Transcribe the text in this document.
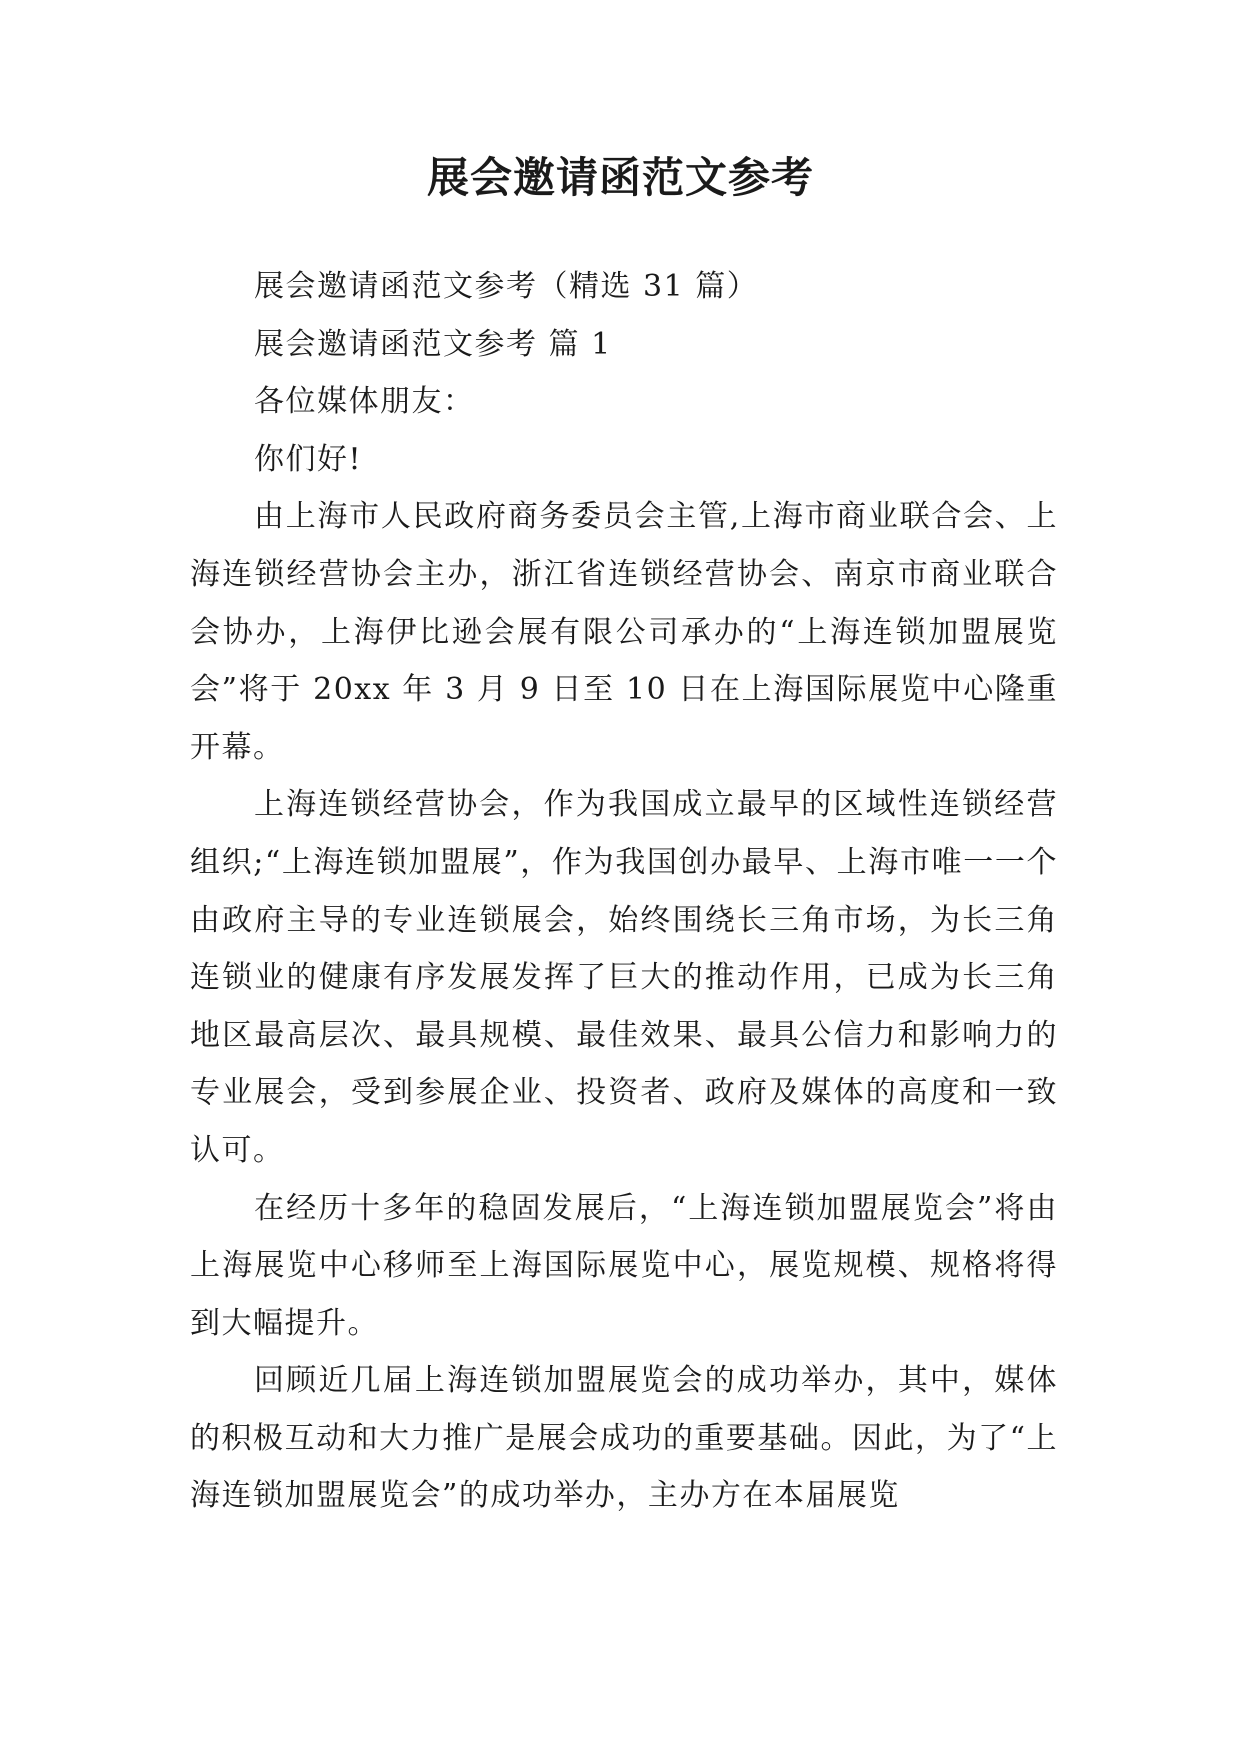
展会邀请函范文参考

展会邀请函范文参考（精选 31 篇）

展会邀请函范文参考 篇 1

各位媒体朋友：

你们好!

由上海市人民政府商务委员会主管,上海市商业联合会、上海连锁经营协会主办，浙江省连锁经营协会、南京市商业联合会协办，上海伊比逊会展有限公司承办的“上海连锁加盟展览会”将于 20xx 年 3 月 9 日至 10 日在上海国际展览中心隆重开幕。

上海连锁经营协会，作为我国成立最早的区域性连锁经营组织;“上海连锁加盟展”，作为我国创办最早、上海市唯一一个由政府主导的专业连锁展会，始终围绕长三角市场，为长三角连锁业的健康有序发展发挥了巨大的推动作用，已成为长三角地区最高层次、最具规模、最佳效果、最具公信力和影响力的专业展会，受到参展企业、投资者、政府及媒体的高度和一致认可。

在经历十多年的稳固发展后，“上海连锁加盟展览会”将由上海展览中心移师至上海国际展览中心，展览规模、规格将得到大幅提升。

回顾近几届上海连锁加盟展览会的成功举办，其中，媒体的积极互动和大力推广是展会成功的重要基础。因此，为了“上海连锁加盟展览会”的成功举办，主办方在本届展览
